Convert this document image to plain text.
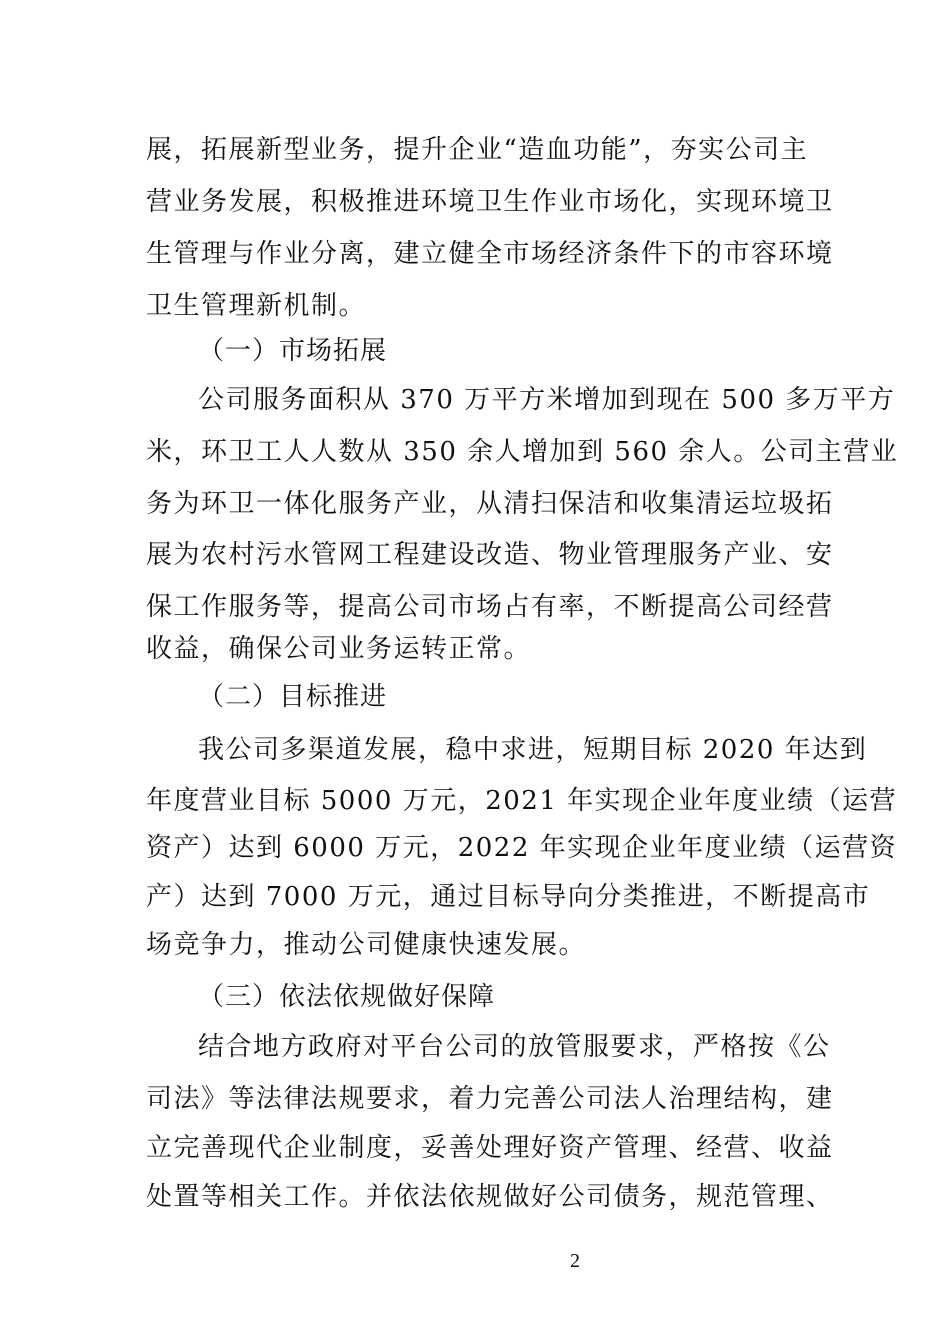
展，拓展新型业务，提升企业“造血功能”，夯实公司主
营业务发展，积极推进环境卫生作业市场化，实现环境卫
生管理与作业分离，建立健全市场经济条件下的市容环境
卫生管理新机制。
（一）市场拓展
公司服务面积从 370 万平方米增加到现在 500 多万平方
米，环卫工人人数从 350 余人增加到 560 余人。公司主营业
务为环卫一体化服务产业，从清扫保洁和收集清运垃圾拓
展为农村污水管网工程建设改造、物业管理服务产业、安
保工作服务等，提高公司市场占有率，不断提高公司经营
收益，确保公司业务运转正常。
（二）目标推进
我公司多渠道发展，稳中求进，短期目标 2020 年达到
年度营业目标 5000 万元，2021 年实现企业年度业绩（运营
资产）达到 6000 万元，2022 年实现企业年度业绩（运营资
产）达到 7000 万元，通过目标导向分类推进，不断提高市
场竞争力，推动公司健康快速发展。
（三）依法依规做好保障
结合地方政府对平台公司的放管服要求，严格按《公
司法》等法律法规要求，着力完善公司法人治理结构，建
立完善现代企业制度，妥善处理好资产管理、经营、收益
处置等相关工作。并依法依规做好公司债务，规范管理、
2
